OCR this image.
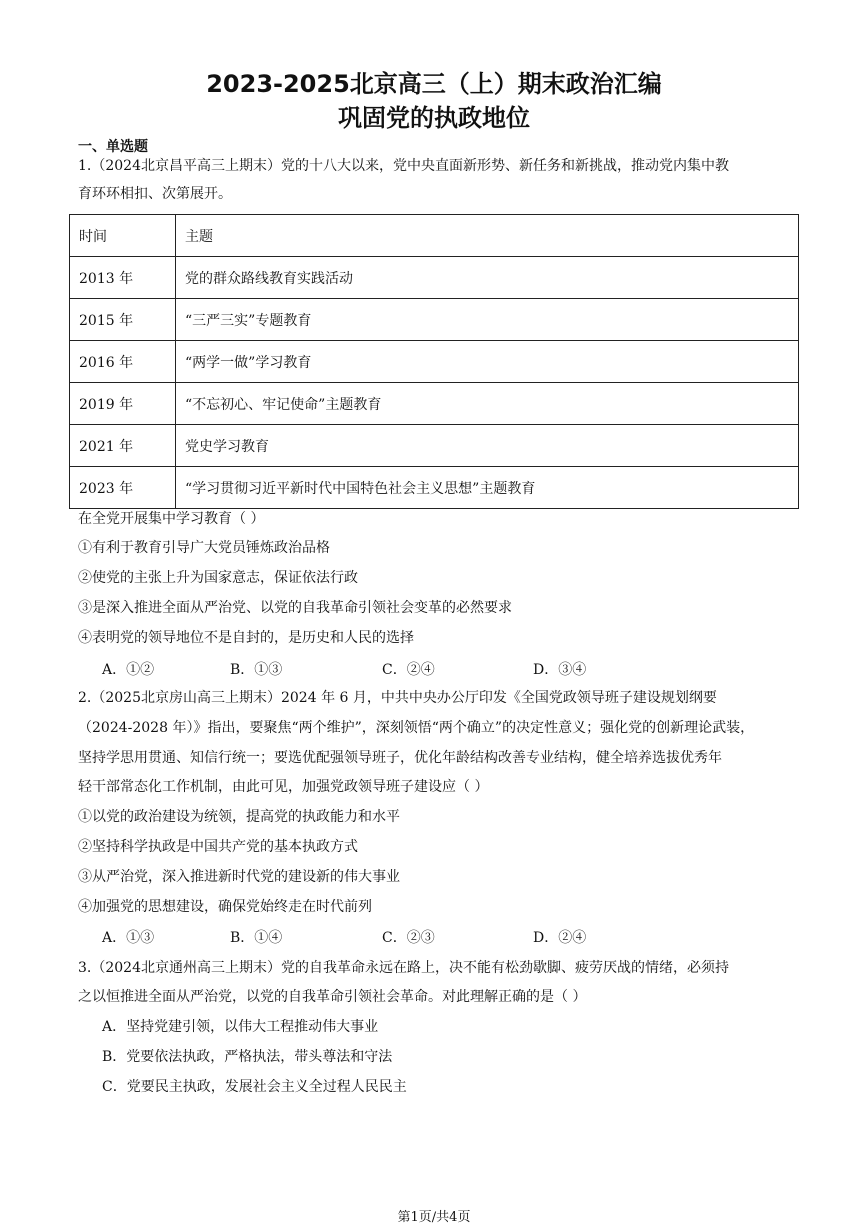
2023-2025北京高三（上）期末政治汇编
巩固党的执政地位
一、单选题
1.（2024北京昌平高三上期末）党的十八大以来，党中央直面新形势、新任务和新挑战，推动党内集中教
育环环相扣、次第展开。
时间	主题
2013 年	党的群众路线教育实践活动
2015 年	“三严三实”专题教育
2016 年	“两学一做”学习教育
2019 年	“不忘初心、牢记使命”主题教育
2021 年	党史学习教育
2023 年	“学习贯彻习近平新时代中国特色社会主义思想”主题教育
在全党开展集中学习教育（ ）
①有利于教育引导广大党员锤炼政治品格
②使党的主张上升为国家意志，保证依法行政
③是深入推进全面从严治党、以党的自我革命引领社会变革的必然要求
④表明党的领导地位不是自封的，是历史和人民的选择
A．①②	B．①③	C．②④	D．③④
2.（2025北京房山高三上期末）2024 年 6 月，中共中央办公厅印发《全国党政领导班子建设规划纲要
（2024-2028 年）》指出，要聚焦“两个维护”，深刻领悟“两个确立”的决定性意义；强化党的创新理论武装，
坚持学思用贯通、知信行统一；要选优配强领导班子，优化年龄结构改善专业结构，健全培养选拔优秀年
轻干部常态化工作机制，由此可见，加强党政领导班子建设应（ ）
①以党的政治建设为统领，提高党的执政能力和水平
②坚持科学执政是中国共产党的基本执政方式
③从严治党，深入推进新时代党的建设新的伟大事业
④加强党的思想建设，确保党始终走在时代前列
A．①③	B．①④	C．②③	D．②④
3.（2024北京通州高三上期末）党的自我革命永远在路上，决不能有松劲歇脚、疲劳厌战的情绪，必须持
之以恒推进全面从严治党，以党的自我革命引领社会革命。对此理解正确的是（ ）
A．坚持党建引领，以伟大工程推动伟大事业
B．党要依法执政，严格执法，带头尊法和守法
C．党要民主执政，发展社会主义全过程人民民主
第1页/共4页
